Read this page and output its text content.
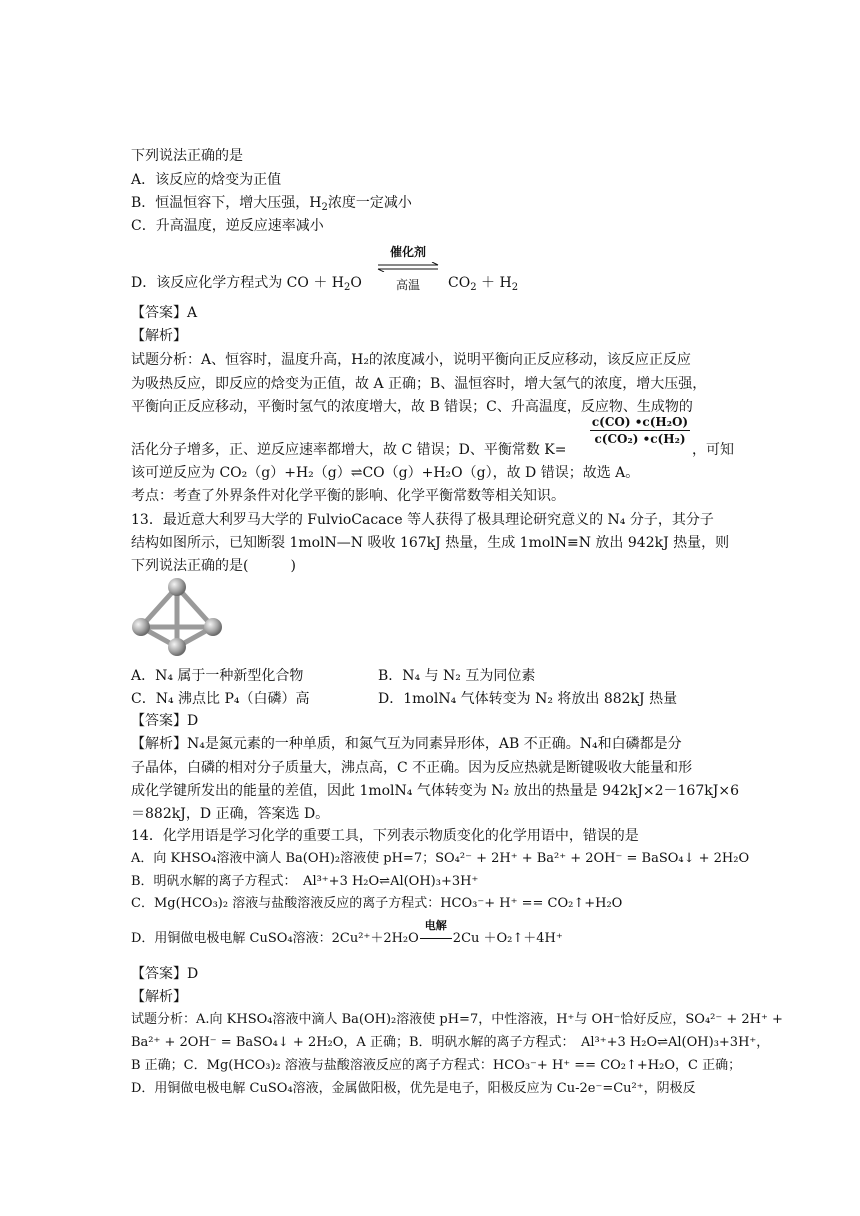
下列说法正确的是
A．该反应的焓变为正值
B．恒温恒容下，增大压强，$H_2$浓度一定减小
C．升高温度，逆反应速率减小
D．该反应化学方程式为 CO ＋ $H_2O$
催化剂
高温	$CO_2 + H_2$
【答案】A
【解析】
试题分析：A、恒容时，温度升高，H₂的浓度减小，说明平衡向正反应移动，该反应正反应
为吸热反应，即反应的焓变为正值，故 A 正确；B、温恒容时，增大氢气的浓度，增大压强，
平衡向正反应移动，平衡时氢气的浓度增大，故 B 错误；C、升高温度，反应物、生成物的
c(CO) •c(H₂O)
c(CO₂) •c(H₂)
活化分子增多，正、逆反应速率都增大，故 C 错误；D、平衡常数 K=	，可知
该可逆反应为 CO₂（g）+H₂（g）⇌CO（g）+H₂O（g），故 D 错误；故选 A。
考点：考查了外界条件对化学平衡的影响、化学平衡常数等相关知识。
13．最近意大利罗马大学的 FulvioCacace 等人获得了极具理论研究意义的 N₄ 分子，其分子
结构如图所示，已知断裂 1molN—N 吸收 167kJ 热量，生成 1molN≡N 放出 942kJ 热量，则
下列说法正确的是(　　　)
A．N₄ 属于一种新型化合物	B．N₄ 与 N₂ 互为同位素
C．N₄ 沸点比 P₄（白磷）高	D．1molN₄ 气体转变为 N₂ 将放出 882kJ 热量
【答案】D
【解析】N₄是氮元素的一种单质，和氮气互为同素异形体，AB 不正确。N₄和白磷都是分
子晶体，白磷的相对分子质量大，沸点高，C 不正确。因为反应热就是断键吸收大能量和形
成化学键所发出的能量的差值，因此 1molN₄ 气体转变为 N₂ 放出的热量是 942kJ×2－167kJ×6
＝882kJ，D 正确，答案选 D。
14．化学用语是学习化学的重要工具，下列表示物质变化的化学用语中，错误的是
A．向 KHSO₄溶液中滴人 Ba(OH)₂溶液使 pH=7；SO₄²⁻ + 2H⁺ + Ba²⁺ + 2OH⁻ = BaSO₄↓ + 2H₂O
B．明矾水解的离子方程式：　Al³⁺+3 H₂O⇌Al(OH)₃+3H⁺
C．Mg(HCO₃)₂ 溶液与盐酸溶液反应的离子方程式：HCO₃⁻+ H⁺ == CO₂↑+H₂O
D．用铜做电极电解 CuSO₄溶液：2Cu²⁺＋2H₂O
电解
2Cu ＋O₂↑＋4H⁺
【答案】D
【解析】
试题分析：A.向 KHSO₄溶液中滴人 Ba(OH)₂溶液使 pH=7，中性溶液，H⁺与 OH⁻恰好反应，SO₄²⁻ + 2H⁺ +
Ba²⁺ + 2OH⁻ = BaSO₄↓ + 2H₂O，A 正确；B．明矾水解的离子方程式：　Al³⁺+3 H₂O⇌Al(OH)₃+3H⁺，
B 正确；C．Mg(HCO₃)₂ 溶液与盐酸溶液反应的离子方程式：HCO₃⁻+ H⁺ == CO₂↑+H₂O，C 正确；
D．用铜做电极电解 CuSO₄溶液，金属做阳极，优先是电子，阳极反应为 Cu-2e⁻=Cu²⁺，阴极反
